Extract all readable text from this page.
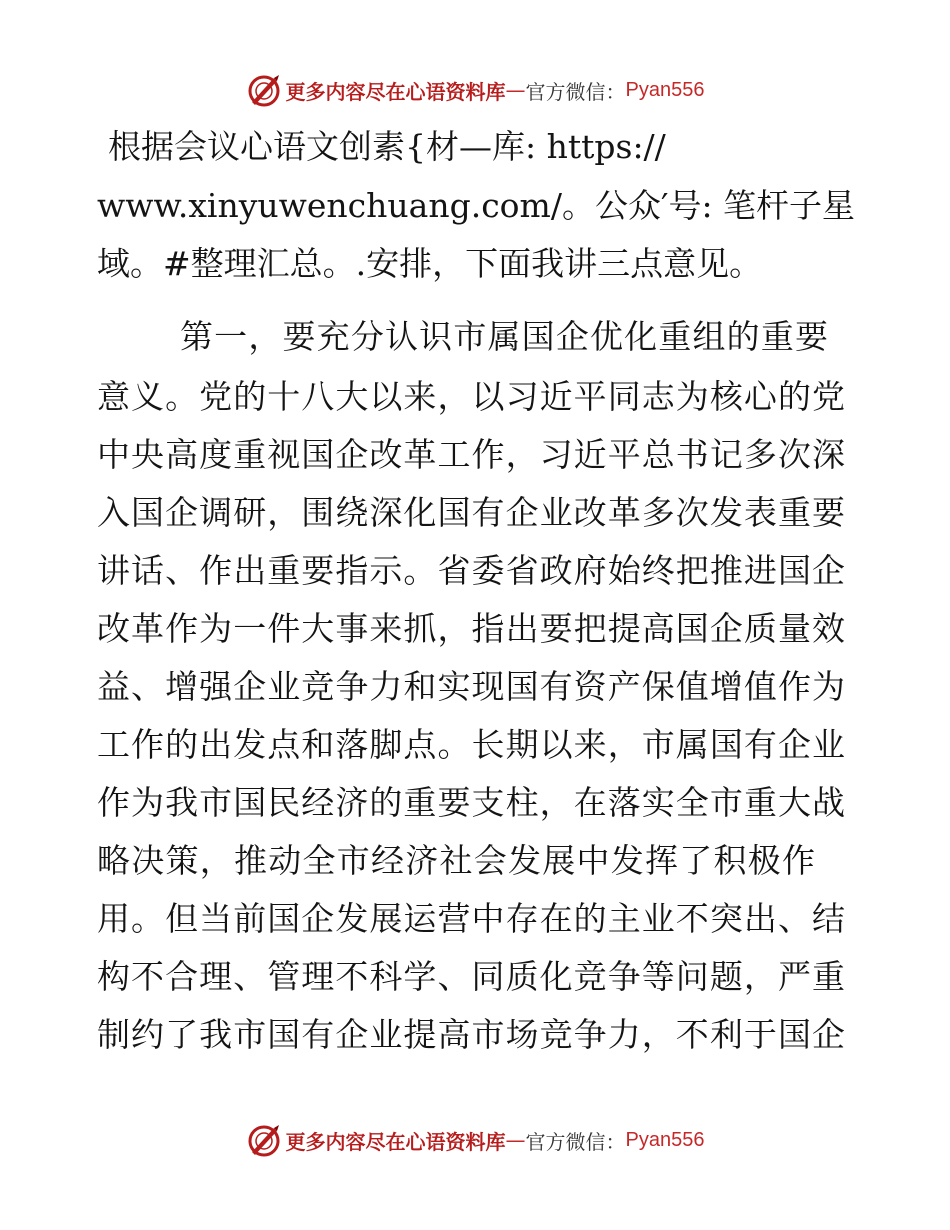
更多内容尽在心语资料库 — 官方微信： Pyan556
根据会议心语文创素{材—库: https://
www.xinyuwenchuang.com/。公众′号: 笔杆子星
域。#整理汇总。.安排，下面我讲三点意见。
第一，要充分认识市属国企优化重组的重要
意义。党的十八大以来，以习近平同志为核心的党
中央高度重视国企改革工作，习近平总书记多次深
入国企调研，围绕深化国有企业改革多次发表重要
讲话、作出重要指示。省委省政府始终把推进国企
改革作为一件大事来抓，指出要把提高国企质量效
益、增强企业竞争力和实现国有资产保值增值作为
工作的出发点和落脚点。长期以来，市属国有企业
作为我市国民经济的重要支柱，在落实全市重大战
略决策，推动全市经济社会发展中发挥了积极作
用。但当前国企发展运营中存在的主业不突出、结
构不合理、管理不科学、同质化竞争等问题，严重
制约了我市国有企业提高市场竞争力，不利于国企
更多内容尽在心语资料库 — 官方微信： Pyan556
